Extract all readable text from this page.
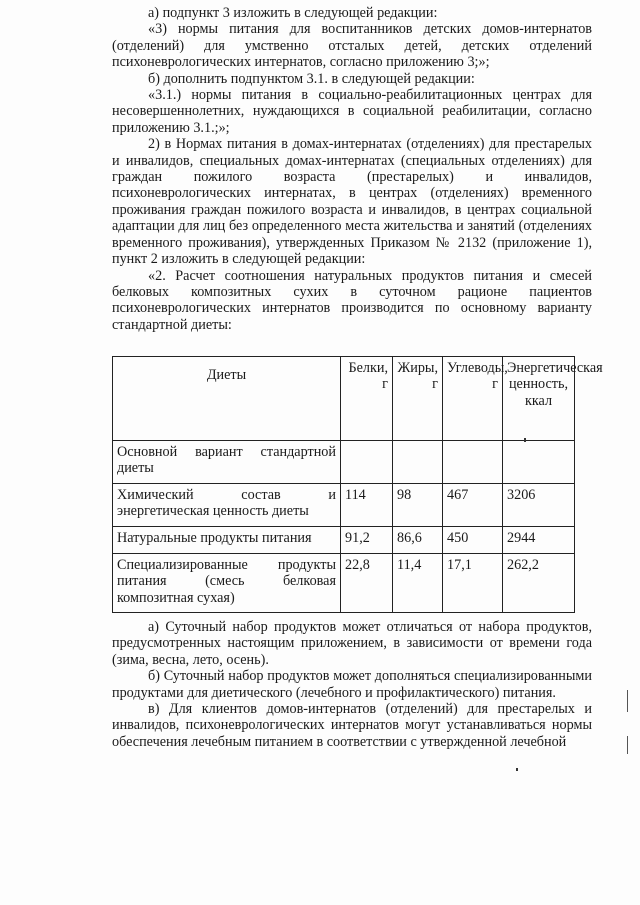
а) подпункт 3 изложить в следующей редакции:

«3) нормы питания для воспитанников детских домов-интернатов (отделений) для умственно отсталых детей, детских отделений психоневрологических интернатов, согласно приложению 3;»;

б) дополнить подпунктом 3.1. в следующей редакции:

«3.1.) нормы питания в социально-реабилитационных центрах для несовершеннолетних, нуждающихся в социальной реабилитации, согласно приложению 3.1.;»;

2) в Нормах питания в домах-интернатах (отделениях) для престарелых и инвалидов, специальных домах-интернатах (специальных отделениях) для граждан пожилого возраста (престарелых) и инвалидов, психоневрологических интернатах, в центрах (отделениях) временного проживания граждан пожилого возраста и инвалидов, в центрах социальной адаптации для лиц без определенного места жительства и занятий (отделениях временного проживания), утвержденных Приказом № 2132 (приложение 1), пункт 2 изложить в следующей редакции:

«2. Расчет соотношения натуральных продуктов питания и смесей белковых композитных сухих в суточном рационе пациентов психоневрологических интернатов производится по основному варианту стандартной диеты:

Диеты	Белки, г	Жиры, г	Углеводы, г	Энергетическая ценность, ккал
Основной вариант стандартной диеты				
Химический состав и энергетическая ценность диеты	114	98	467	3206
Натуральные продукты питания	91,2	86,6	450	2944
Специализированные продукты питания (смесь белковая композитная сухая)	22,8	11,4	17,1	262,2

а) Суточный набор продуктов может отличаться от набора продуктов, предусмотренных настоящим приложением, в зависимости от времени года (зима, весна, лето, осень).

б) Суточный набор продуктов может дополняться специализированными продуктами для диетического (лечебного и профилактического) питания.

в) Для клиентов домов-интернатов (отделений) для престарелых и инвалидов, психоневрологических интернатов могут устанавливаться нормы обеспечения лечебным питанием в соответствии с утвержденной лечебной
